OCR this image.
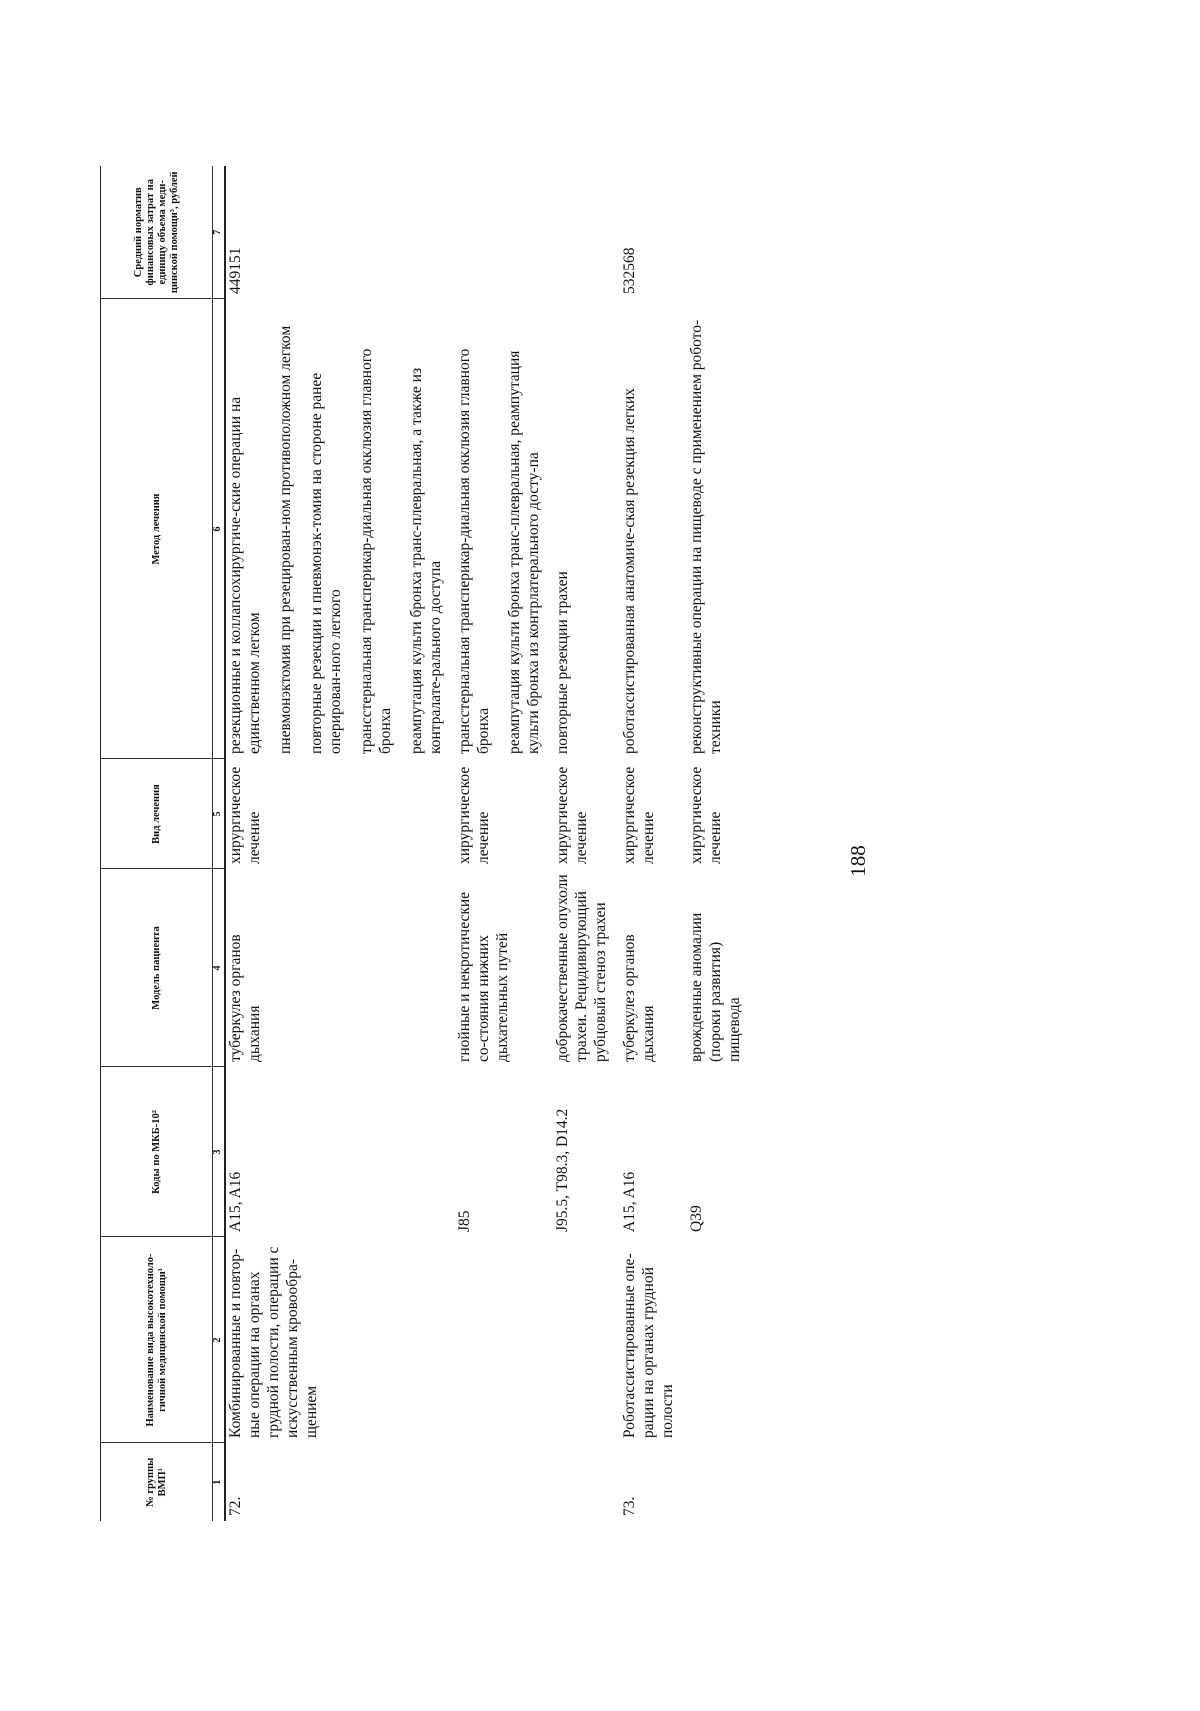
188
№ группы ВМП¹	Наименование вида высокотехноло-гичной медицинской помощи¹	Коды по МКБ-10²	Модель пациента	Вид лечения	Метод лечения	Средний норматив финансовых затрат на единицу объема меди-цинской помощи³, рублей
1	2	3	4	5	6	7
72.	Комбинированные и повтор-ные операции на органах грудной полости, операции с искусственным кровообра-щением	A15, A16	туберкулез органов дыхания	хирургическое лечение	резекционные и коллапсохирургиче-ские операции на единственном легком пневмонэктомия при резецирован-ном противоположном легком повторные резекции и пневмонэк-томия на стороне ранее оперирован-ного легкого трансстернальная трансперикар-диальная окклюзия главного бронха реампутация культи бронха транс-плевральная, а также из контралате-рального доступа	449151

		J85	гнойные и некротические со-стояния нижних дыхательных путей	хирургическое лечение	трансстернальная трансперикар-диальная окклюзия главного бронха реампутация культи бронха транс-плевральная, реампутация культи бронха из контрлатерального досту-па	

		J95.5, T98.3, D14.2	доброкачественные опухоли трахеи. Рецидивирующий рубцовый стеноз трахеи	хирургическое лечение	повторные резекции трахеи	

73.	Роботассистированные опе-рации на органах грудной полости	A15, A16	туберкулез органов дыхания	хирургическое лечение	роботассистированная анатомиче-ская резекция легких	532568

		Q39	врожденные аномалии (пороки развития) пищевода	хирургическое лечение	реконструктивные операции на пищеводе с применением робото-техники	
